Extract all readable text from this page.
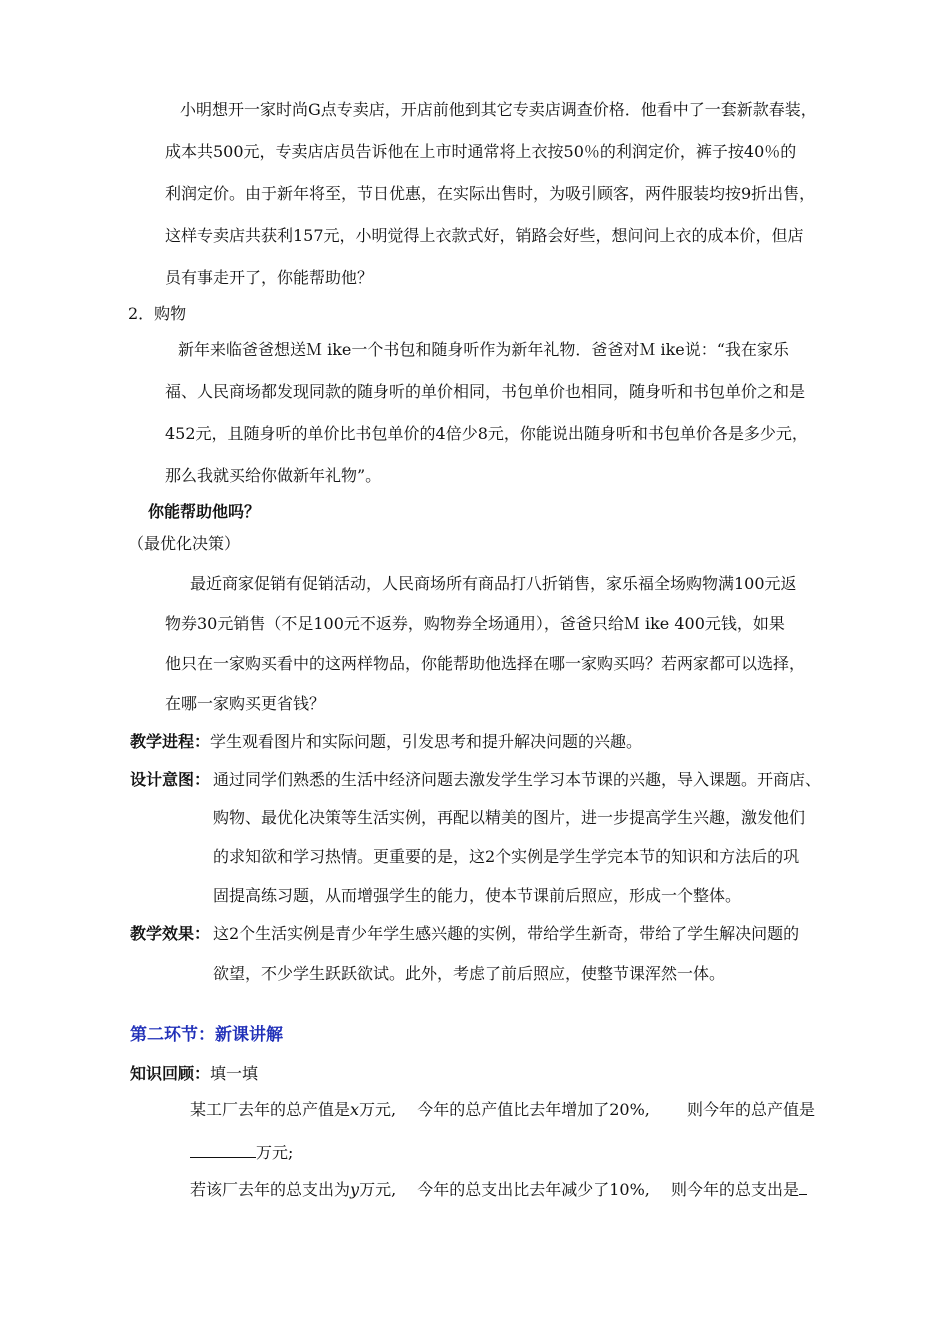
小明想开一家时尚G点专卖店，开店前他到其它专卖店调查价格．他看中了一套新款春装，
成本共500元，专卖店店员告诉他在上市时通常将上衣按50％的利润定价，裤子按40％的
利润定价。由于新年将至，节日优惠，在实际出售时，为吸引顾客，两件服装均按9折出售，
这样专卖店共获利157元，小明觉得上衣款式好，销路会好些，想问问上衣的成本价，但店
员有事走开了，你能帮助他？
2．购物
新年来临爸爸想送Ｍ ike一个书包和随身听作为新年礼物．爸爸对Ｍ ike说：“我在家乐
福、人民商场都发现同款的随身听的单价相同，书包单价也相同，随身听和书包单价之和是
452元，且随身听的单价比书包单价的4倍少8元，你能说出随身听和书包单价各是多少元，
那么我就买给你做新年礼物”。
你能帮助他吗？
（最优化决策）
最近商家促销有促销活动，人民商场所有商品打八折销售，家乐福全场购物满100元返
物券30元销售（不足100元不返券，购物券全场通用），爸爸只给Ｍ ike 400元钱，如果
他只在一家购买看中的这两样物品，你能帮助他选择在哪一家购买吗？若两家都可以选择，
在哪一家购买更省钱？
教学进程：学生观看图片和实际问题，引发思考和提升解决问题的兴趣。
设计意图： 通过同学们熟悉的生活中经济问题去激发学生学习本节课的兴趣，导入课题。开商店、
购物、最优化决策等生活实例，再配以精美的图片，进一步提高学生兴趣，激发他们
的求知欲和学习热情。更重要的是，这2个实例是学生学完本节的知识和方法后的巩
固提高练习题，从而增强学生的能力，使本节课前后照应，形成一个整体。
教学效果： 这2个生活实例是青少年学生感兴趣的实例，带给学生新奇，带给了学生解决问题的
欲望，不少学生跃跃欲试。此外，考虑了前后照应，使整节课浑然一体。
第二环节：新课讲解
知识回顾：填一填
某工厂去年的总产值是x万元,　 今年的总产值比去年增加了20%,　　 则今年的总产值是
万元;
若该厂去年的总支出为y万元,　 今年的总支出比去年减少了10%,　 则今年的总支出是
